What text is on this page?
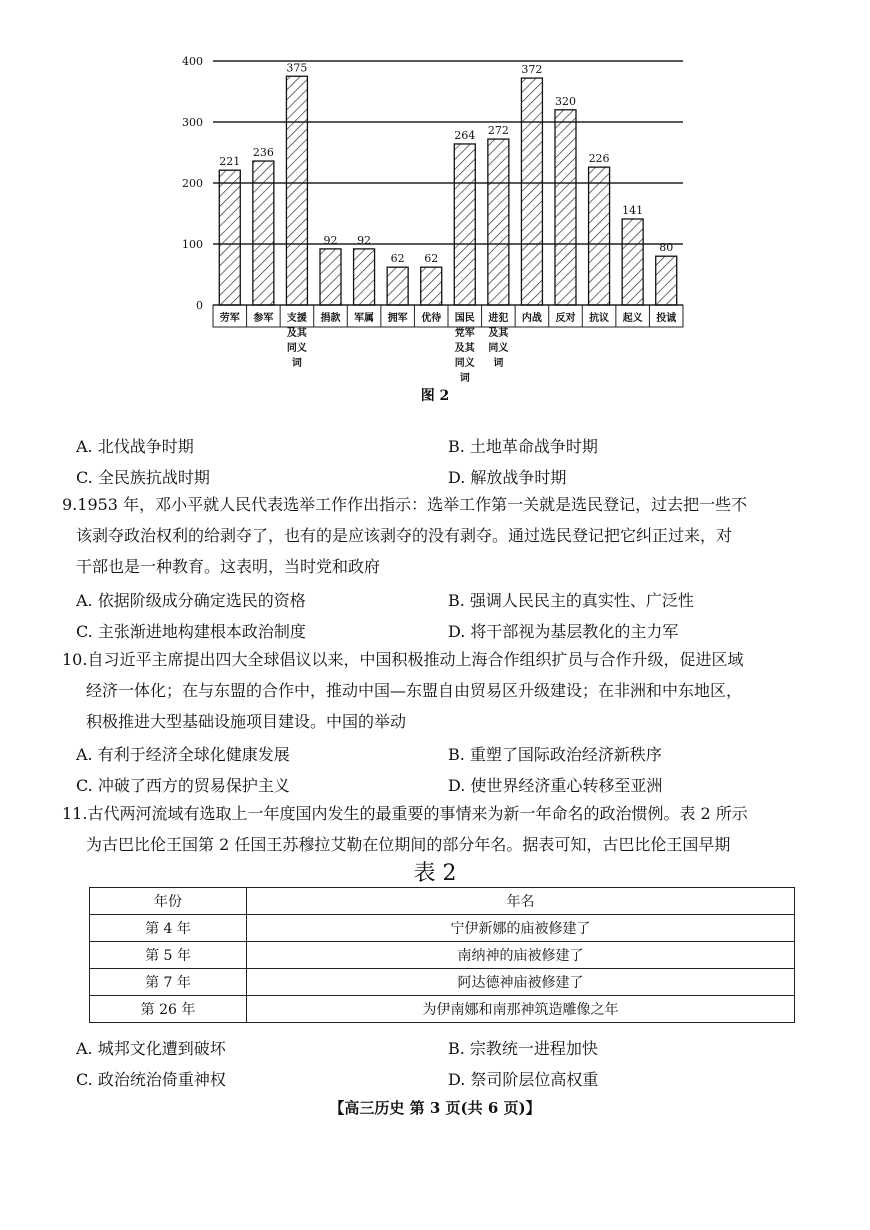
0
100
200
300
400
221
劳军
236
参军
375
支援
及其
同义
词
92
捐款
92
军属
62
拥军
62
优待
264
国民
党军
及其
同义
词
272
进犯
及其
同义
词
372
内战
320
反对
226
抗议
141
起义
80
投诚
图 2
A. 北伐战争时期	B. 土地革命战争时期
C. 全民族抗战时期	D. 解放战争时期
9.1953 年，邓小平就人民代表选举工作作出指示：选举工作第一关就是选民登记，过去把一些不
该剥夺政治权利的给剥夺了，也有的是应该剥夺的没有剥夺。通过选民登记把它纠正过来，对
干部也是一种教育。这表明，当时党和政府
A. 依据阶级成分确定选民的资格	B. 强调人民民主的真实性、广泛性
C. 主张渐进地构建根本政治制度	D. 将干部视为基层教化的主力军
10.自习近平主席提出四大全球倡议以来，中国积极推动上海合作组织扩员与合作升级，促进区域
经济一体化；在与东盟的合作中，推动中国—东盟自由贸易区升级建设；在非洲和中东地区，
积极推进大型基础设施项目建设。中国的举动
A. 有利于经济全球化健康发展	B. 重塑了国际政治经济新秩序
C. 冲破了西方的贸易保护主义	D. 使世界经济重心转移至亚洲
11.古代两河流域有选取上一年度国内发生的最重要的事情来为新一年命名的政治惯例。表 2 所示
为古巴比伦王国第 2 任国王苏穆拉艾勒在位期间的部分年名。据表可知，古巴比伦王国早期
表 2
年份	年名
第 4 年	宁伊新娜的庙被修建了
第 5 年	南纳神的庙被修建了
第 7 年	阿达德神庙被修建了
第 26 年	为伊南娜和南那神筑造雕像之年
A. 城邦文化遭到破坏	B. 宗教统一进程加快
C. 政治统治倚重神权	D. 祭司阶层位高权重
【高三历史 第 3 页(共 6 页)】
